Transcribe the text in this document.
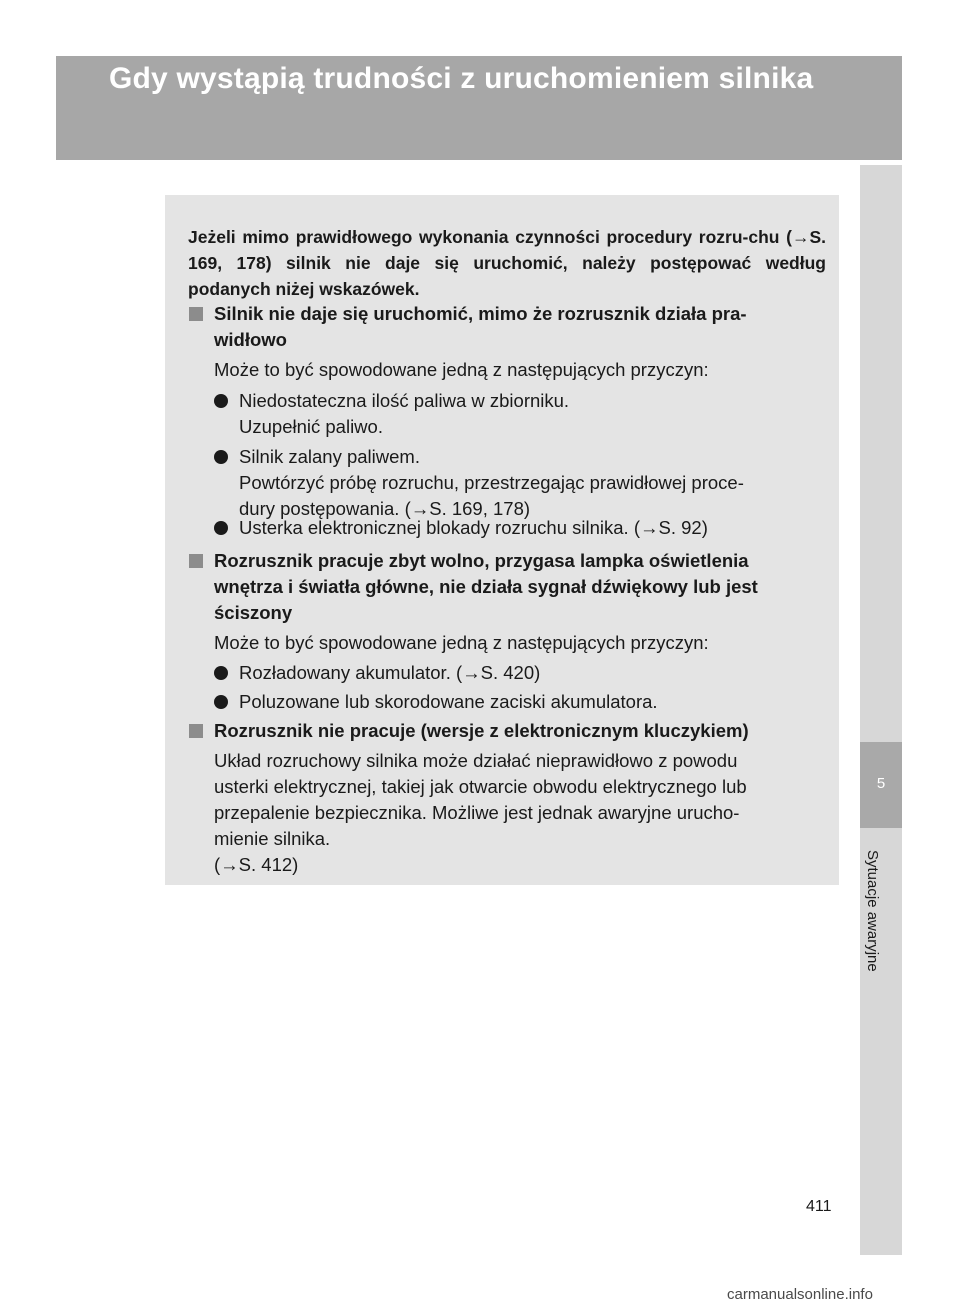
5-2. Postępowanie w sytuacjach awaryjnych
Gdy wystąpią trudności z uruchomieniem silnika
5
Sytuacje awaryjne
Jeżeli mimo prawidłowego wykonania czynności procedury rozru-chu (→S. 169, 178) silnik nie daje się uruchomić, należy postępować według podanych niżej wskazówek.
Silnik nie daje się uruchomić, mimo że rozrusznik działa pra-
widłowo
Może to być spowodowane jedną z następujących przyczyn:
Niedostateczna ilość paliwa w zbiorniku.
Uzupełnić paliwo.
Silnik zalany paliwem.
Powtórzyć próbę rozruchu, przestrzegając prawidłowej proce-
dury postępowania. (→S. 169, 178)
Usterka elektronicznej blokady rozruchu silnika. (→S. 92)
Rozrusznik pracuje zbyt wolno, przygasa lampka oświetlenia
wnętrza i światła główne, nie działa sygnał dźwiękowy lub jest
ściszony
Może to być spowodowane jedną z następujących przyczyn:
Rozładowany akumulator. (→S. 420)
Poluzowane lub skorodowane zaciski akumulatora.
Rozrusznik nie pracuje (wersje z elektronicznym kluczykiem)
Układ rozruchowy silnika może działać nieprawidłowo z powodu
usterki elektrycznej, takiej jak otwarcie obwodu elektrycznego lub
przepalenie bezpiecznika. Możliwe jest jednak awaryjne urucho-
mienie silnika.
(→S. 412)
411
carmanualsonline.info
